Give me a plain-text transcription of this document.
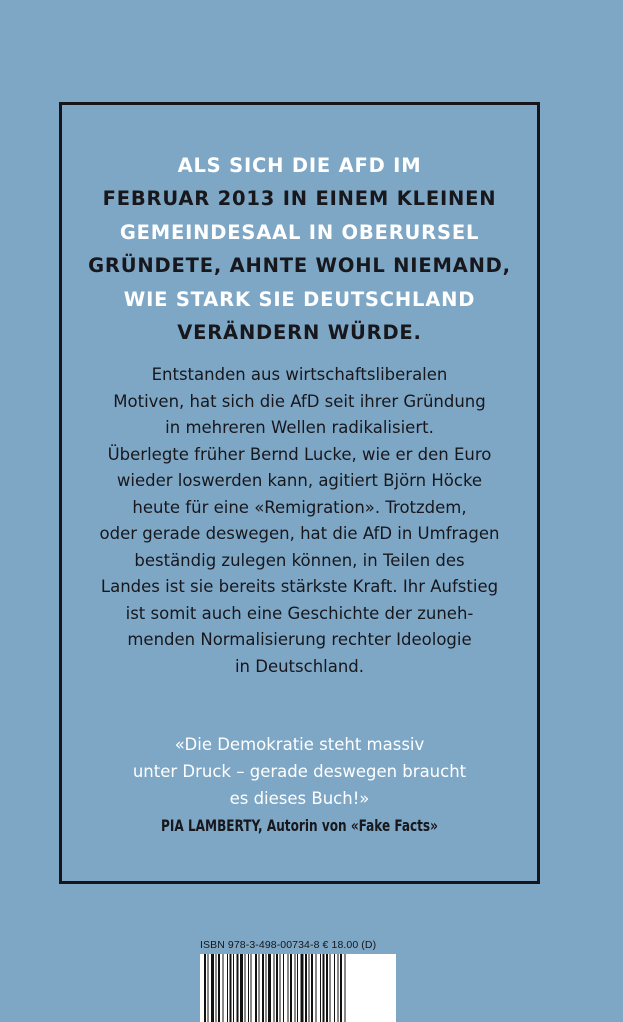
ALS SICH DIE AFD IM
FEBRUAR 2013 IN EINEM KLEINEN
GEMEINDESAAL IN OBERURSEL
GRÜNDETE, AHNTE WOHL NIEMAND,
WIE STARK SIE DEUTSCHLAND
VERÄNDERN WÜRDE.

Entstanden aus wirtschaftsliberalen
Motiven, hat sich die AfD seit ihrer Gründung
in mehreren Wellen radikalisiert.
Überlegte früher Bernd Lucke, wie er den Euro
wieder loswerden kann, agitiert Björn Höcke
heute für eine «Remigration». Trotzdem,
oder gerade deswegen, hat die AfD in Umfragen
beständig zulegen können, in Teilen des
Landes ist sie bereits stärkste Kraft. Ihr Aufstieg
ist somit auch eine Geschichte der zuneh-
menden Normalisierung rechter Ideologie
in Deutschland.

«Die Demokratie steht massiv
unter Druck – gerade deswegen braucht
es dieses Buch!»
PIA LAMBERTY, Autorin von «Fake Facts»
ISBN 978-3-498-00734-8 € 18.00 (D)
